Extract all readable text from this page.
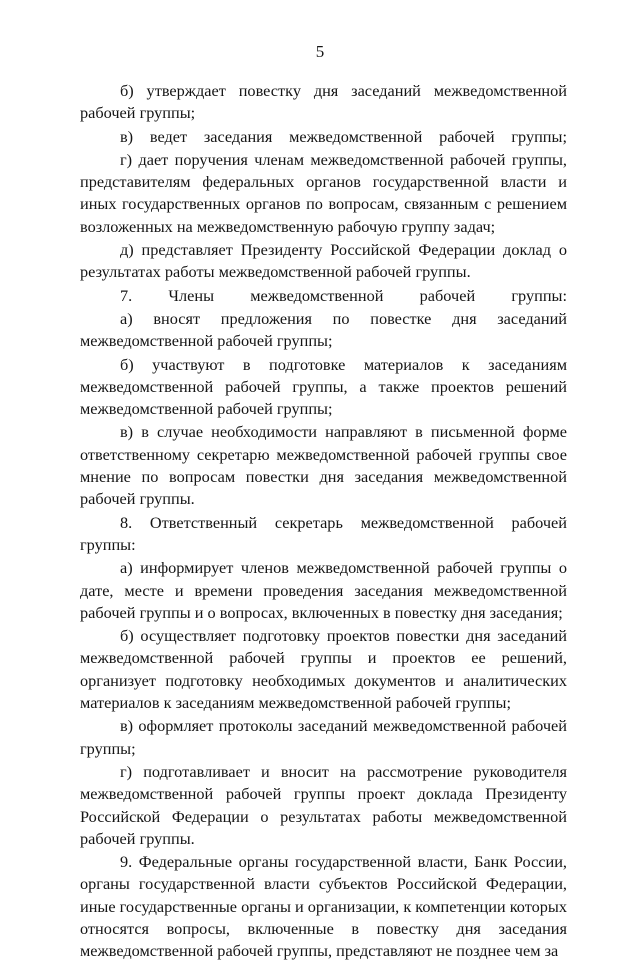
5

б) утверждает повестку дня заседаний межведомственной рабочей группы;

в) ведет заседания межведомственной рабочей группы;

г) дает поручения членам межведомственной рабочей группы, представителям федеральных органов государственной власти и иных государственных органов по вопросам, связанным с решением возложенных на межведомственную рабочую группу задач;

д) представляет Президенту Российской Федерации доклад о результатах работы межведомственной рабочей группы.

7. Члены межведомственной рабочей группы:

а) вносят предложения по повестке дня заседаний межведомственной рабочей группы;

б) участвуют в подготовке материалов к заседаниям межведомственной рабочей группы, а также проектов решений межведомственной рабочей группы;

в) в случае необходимости направляют в письменной форме ответственному секретарю межведомственной рабочей группы свое мнение по вопросам повестки дня заседания межведомственной рабочей группы.

8. Ответственный секретарь межведомственной рабочей группы:

а) информирует членов межведомственной рабочей группы о дате, месте и времени проведения заседания межведомственной рабочей группы и о вопросах, включенных в повестку дня заседания;

б) осуществляет подготовку проектов повестки дня заседаний межведомственной рабочей группы и проектов ее решений, организует подготовку необходимых документов и аналитических материалов к заседаниям межведомственной рабочей группы;

в) оформляет протоколы заседаний межведомственной рабочей группы;

г) подготавливает и вносит на рассмотрение руководителя межведомственной рабочей группы проект доклада Президенту Российской Федерации о результатах работы межведомственной рабочей группы.

9. Федеральные органы государственной власти, Банк России, органы государственной власти субъектов Российской Федерации, иные государственные органы и организации, к компетенции которых относятся вопросы, включенные в повестку дня заседания межведомственной рабочей группы, представляют не позднее чем за
